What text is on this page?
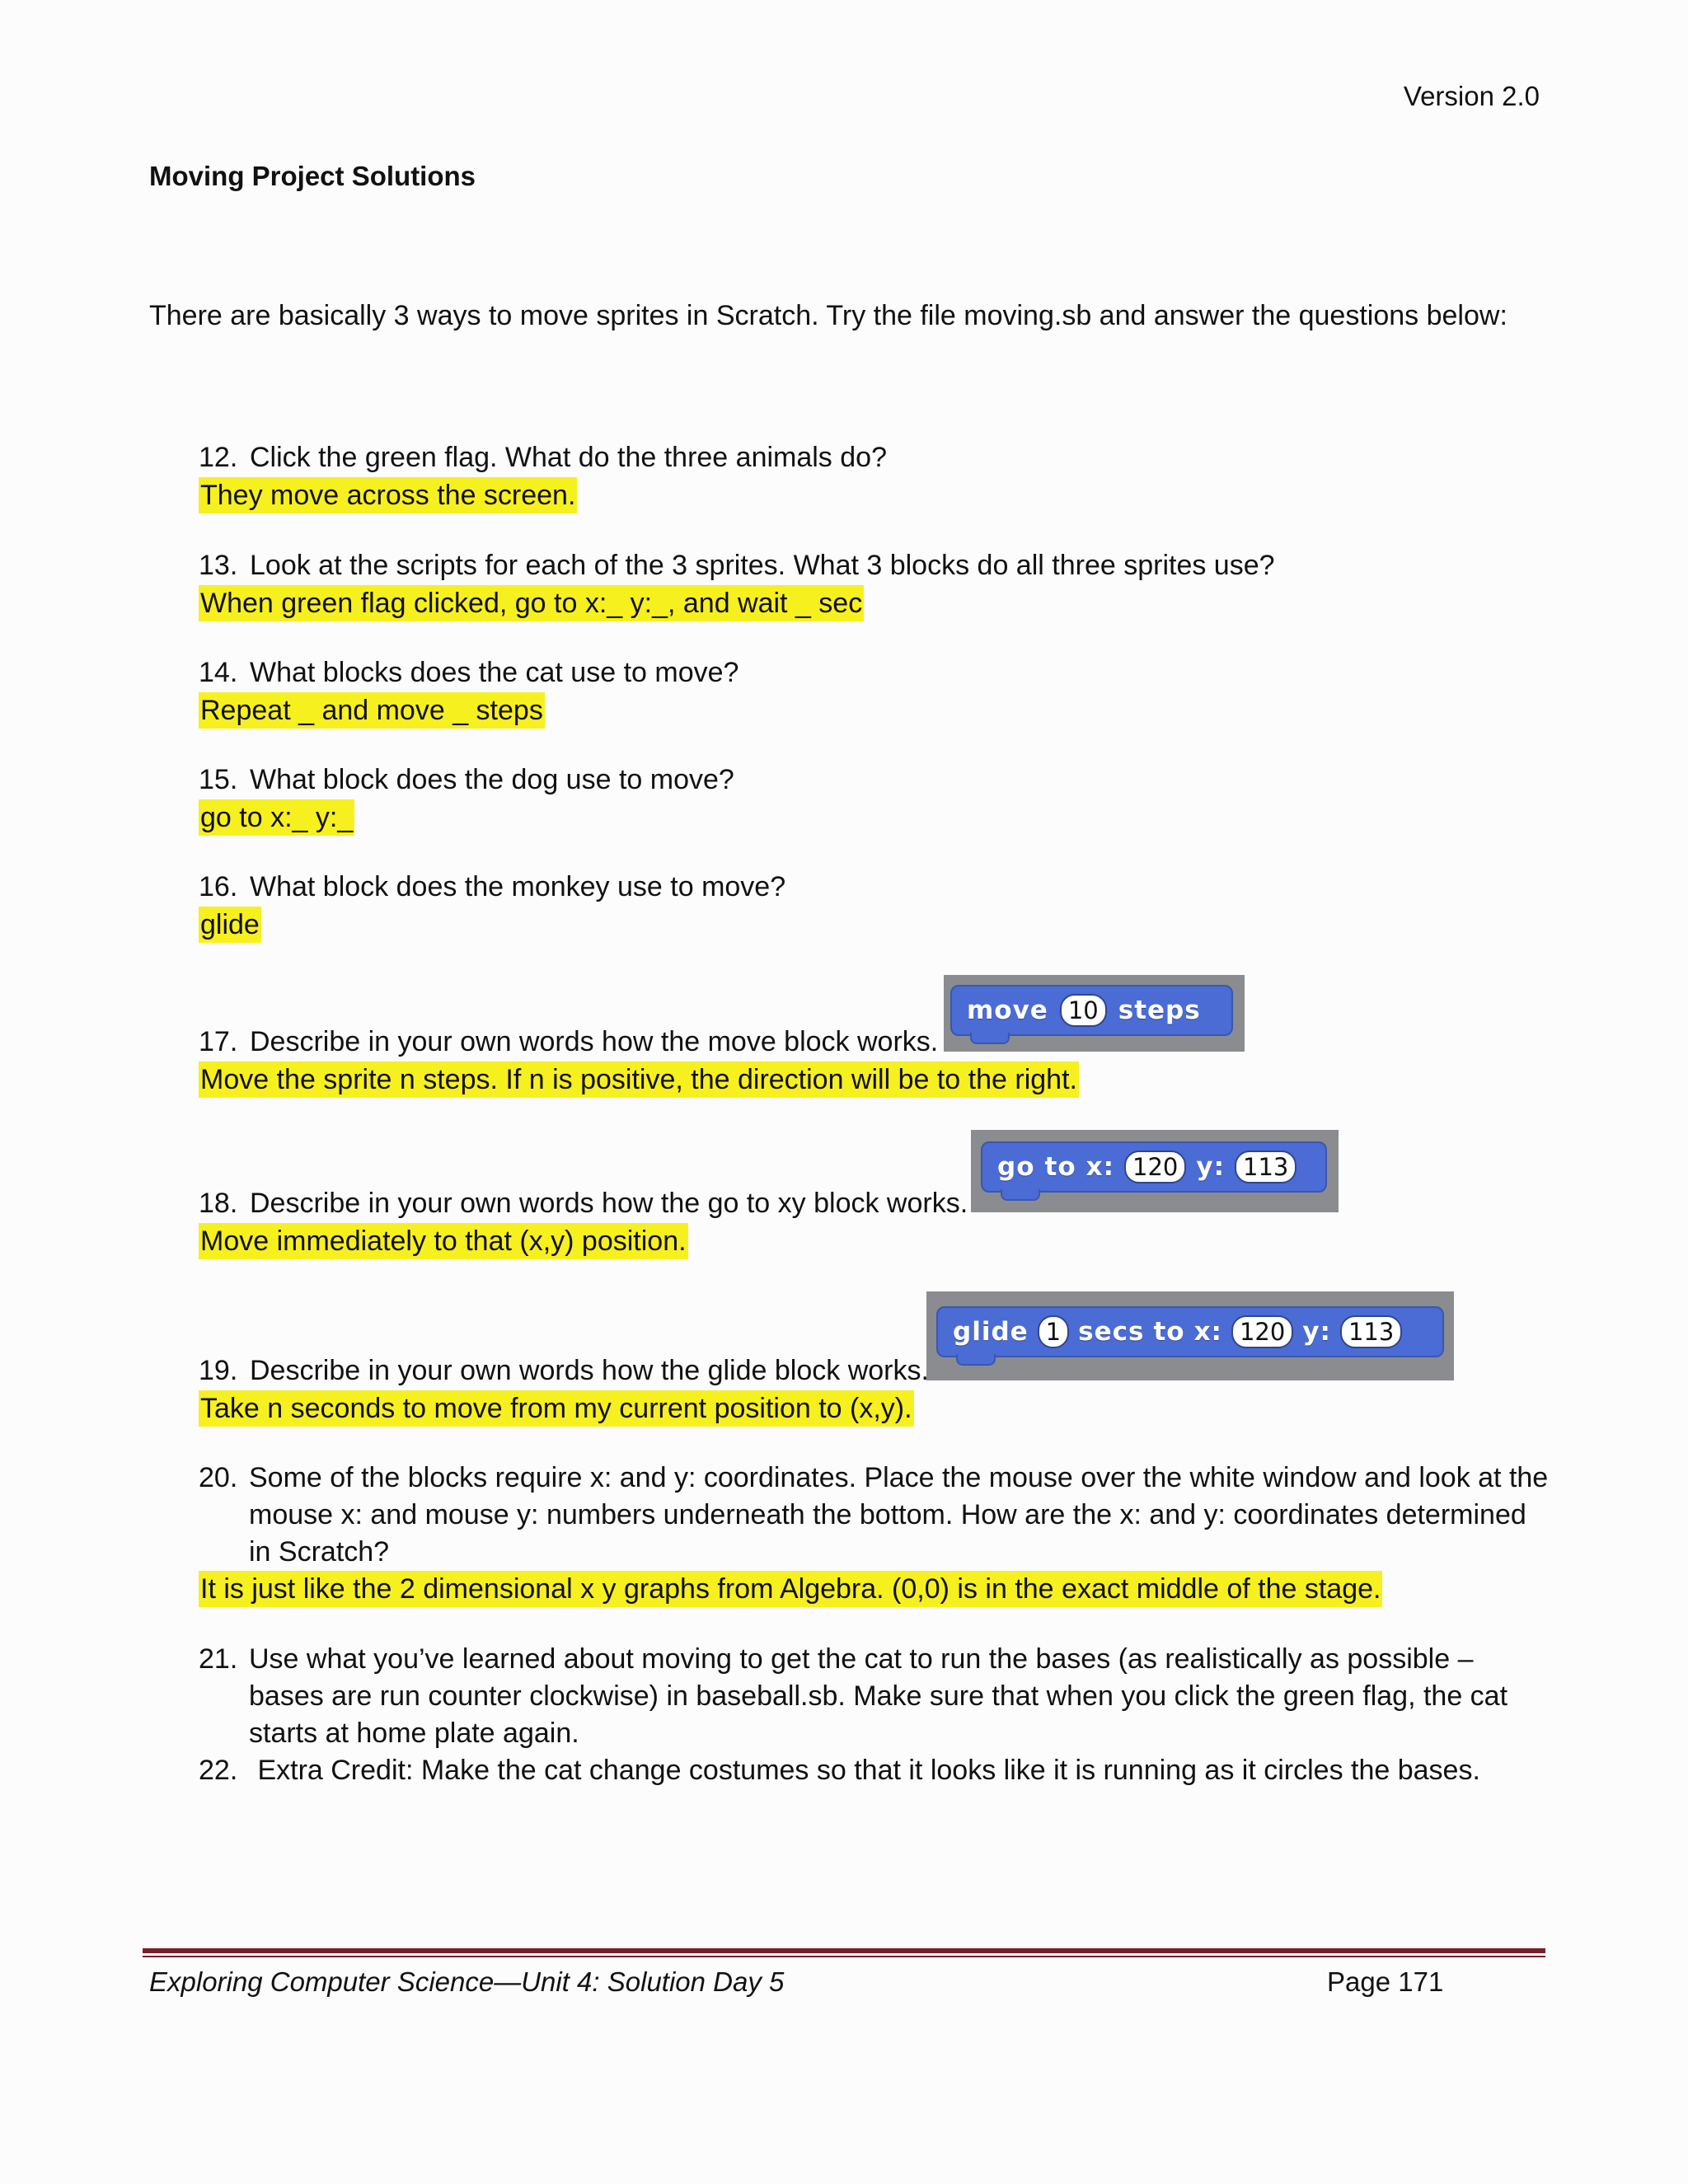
Version 2.0
Moving Project Solutions
There are basically 3 ways to move sprites in Scratch. Try the file moving.sb and answer the questions below:
12. Click the green flag. What do the three animals do?
They move across the screen.
13. Look at the scripts for each of the 3 sprites. What 3 blocks do all three sprites use?
When green flag clicked, go to x:_ y:_, and wait _ sec
14. What blocks does the cat use to move?
Repeat _ and move _ steps
15. What block does the dog use to move?
go to x:_ y:_
16. What block does the monkey use to move?
glide
move 10 steps
17. Describe in your own words how the move block works.
Move the sprite n steps. If n is positive, the direction will be to the right.
go to x: 120 y: 113
18. Describe in your own words how the go to xy block works.
Move immediately to that (x,y) position.
glide 1 secs to x: 120 y: 113
19. Describe in your own words how the glide block works.
Take n seconds to move from my current position to (x,y).
20. Some of the blocks require x: and y: coordinates. Place the mouse over the white window and look at the mouse x: and mouse y: numbers underneath the bottom. How are the x: and y: coordinates determined in Scratch?
It is just like the 2 dimensional x y graphs from Algebra. (0,0) is in the exact middle of the stage.
21. Use what you’ve learned about moving to get the cat to run the bases (as realistically as possible – bases are run counter clockwise) in baseball.sb. Make sure that when you click the green flag, the cat starts at home plate again.
22. Extra Credit: Make the cat change costumes so that it looks like it is running as it circles the bases.
Exploring Computer Science—Unit 4: Solution Day 5	Page 171
